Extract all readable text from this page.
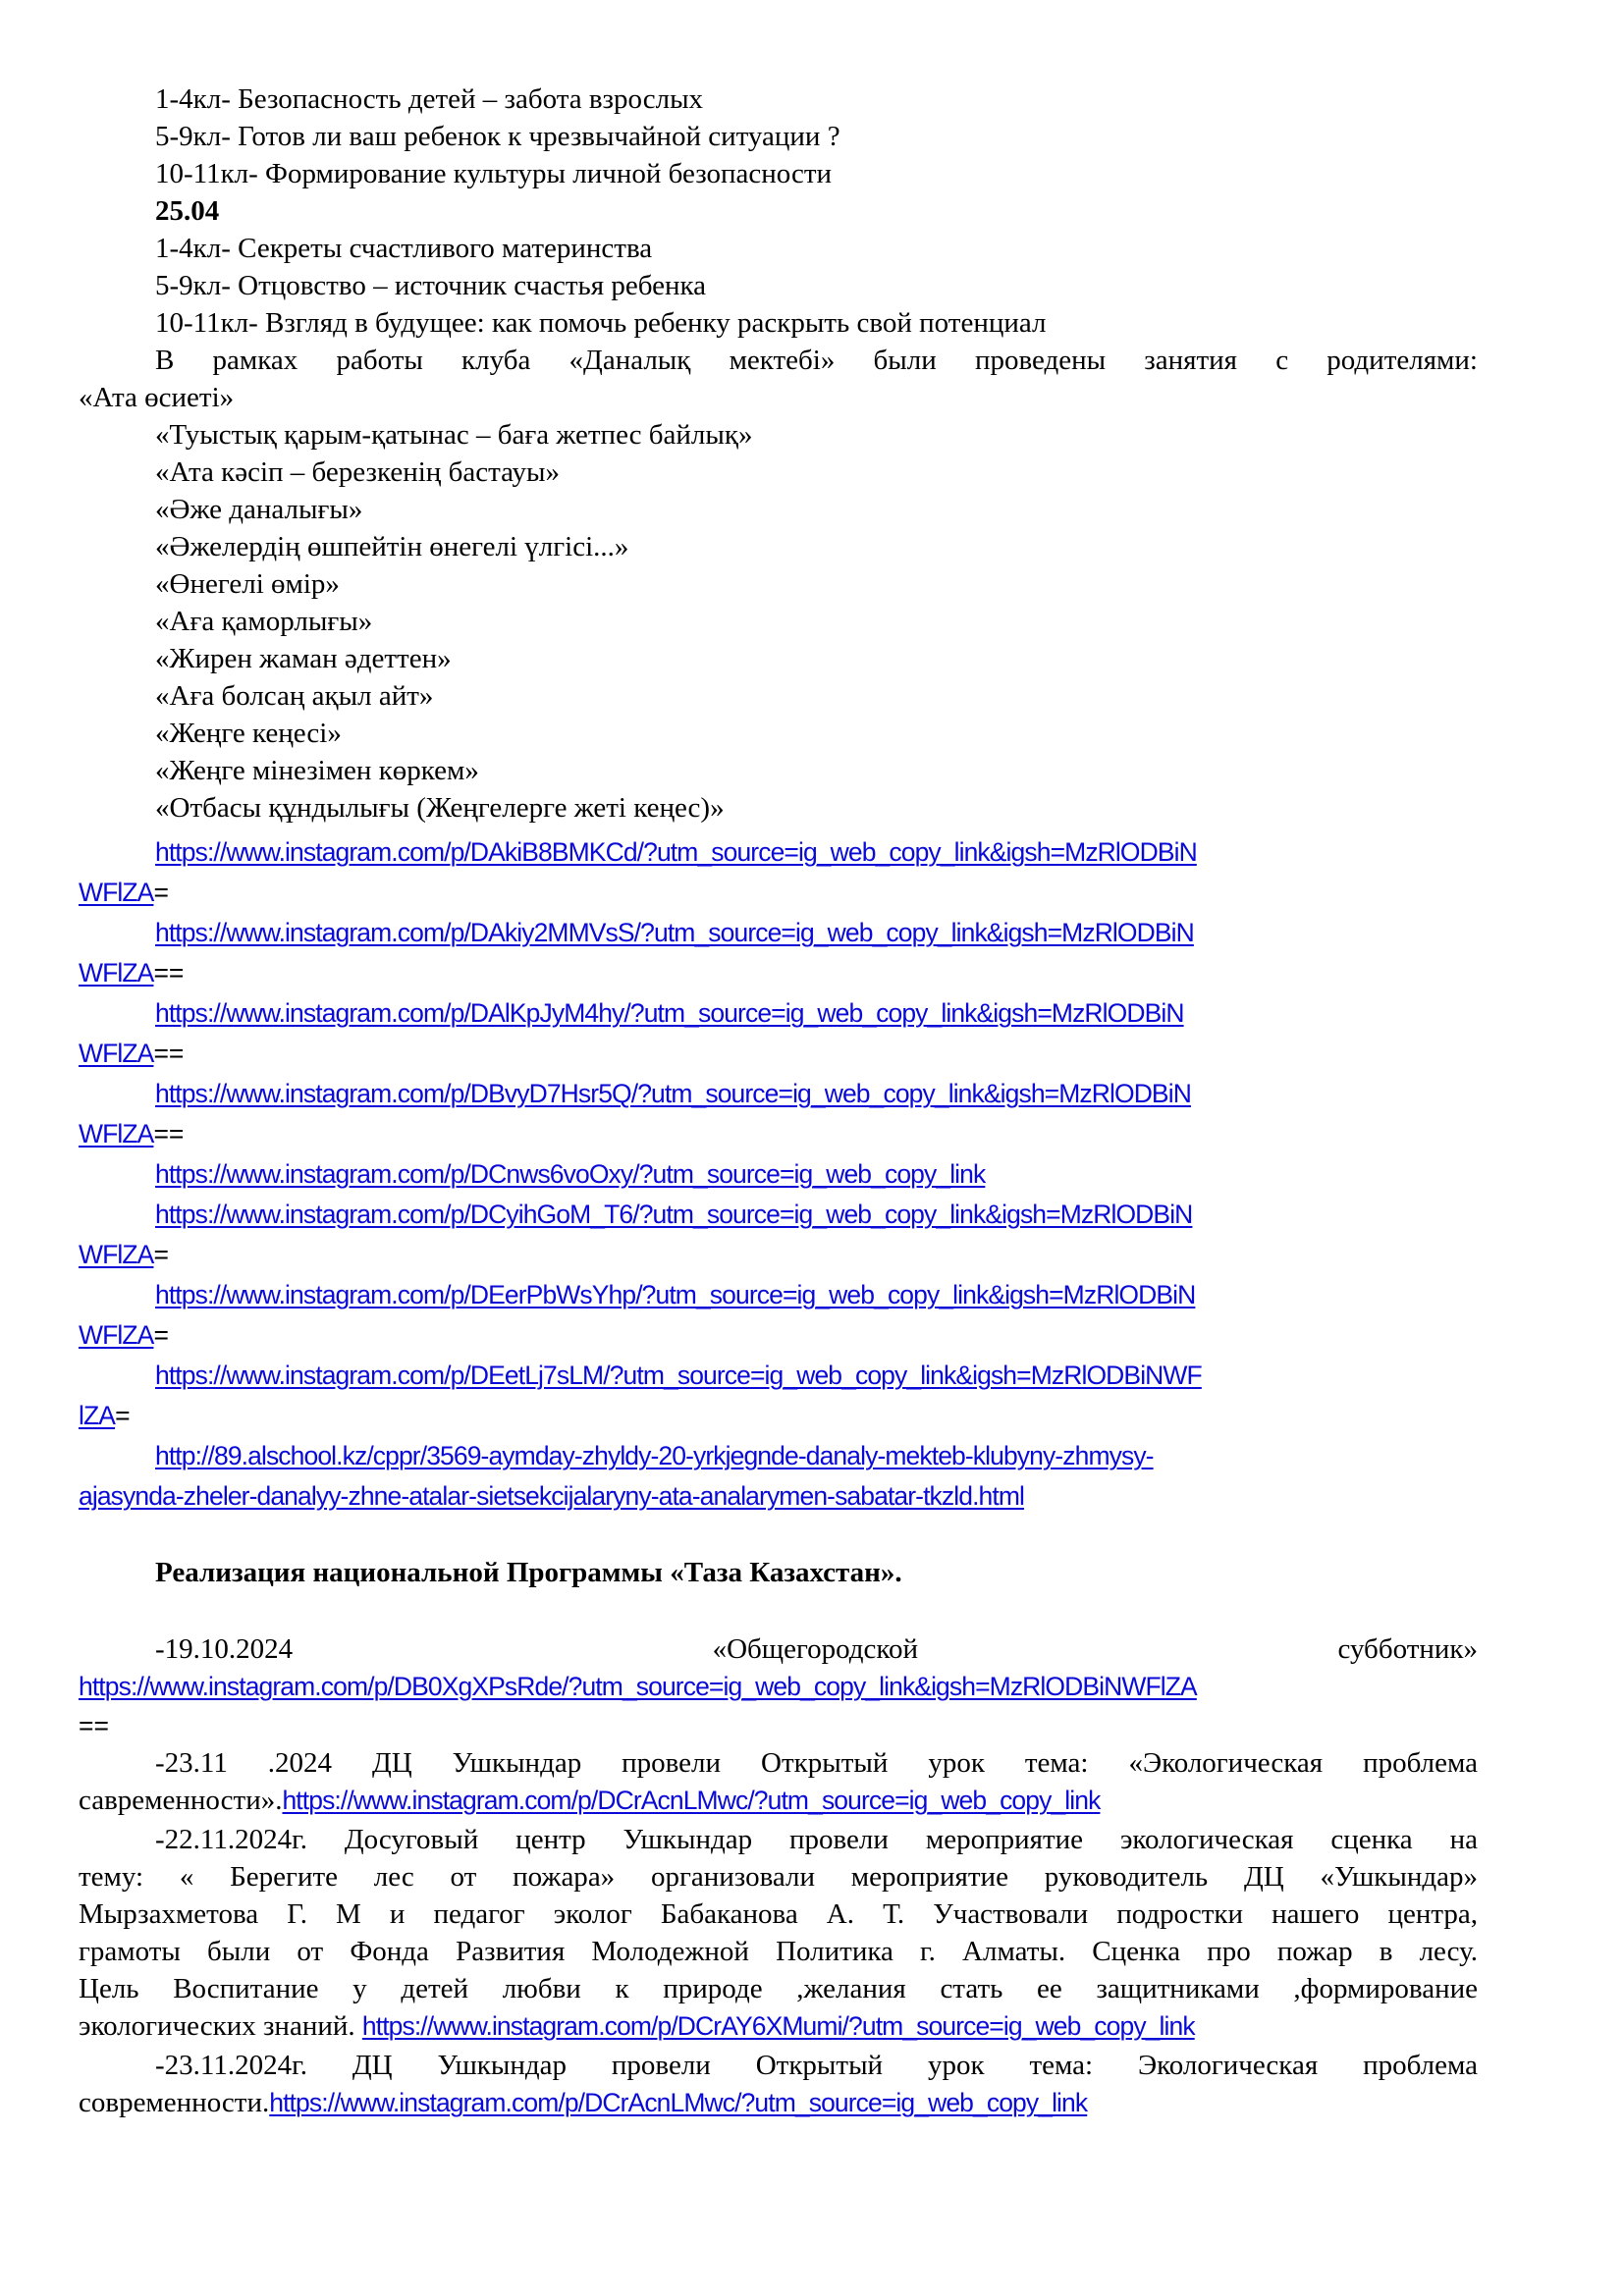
1-4кл- Безопасность детей – забота взрослых
5-9кл- Готов ли ваш ребенок к чрезвычайной ситуации ?
10-11кл- Формирование культуры личной безопасности
25.04
1-4кл- Секреты счастливого материнства
5-9кл- Отцовство – источник счастья ребенка
10-11кл- Взгляд в будущее: как помочь ребенку раскрыть свой потенциал
В рамках работы клуба «Даналық мектебі» были проведены занятия с родителями:
«Ата өсиеті»
«Туыстық қарым-қатынас – баға жетпес байлық»
«Ата кәсіп – березкенің бастауы»
«Әже даналығы»
«Әжелердің өшпейтін өнегелі үлгісі...»
«Өнегелі өмір»
«Аға қаморлығы»
«Жирен жаман әдеттен»
«Аға болсаң ақыл айт»
«Жеңге кеңесі»
«Жеңге мінезімен көркем»
«Отбасы құндылығы (Жеңгелерге жеті кеңес)»
https://www.instagram.com/p/DAkiB8BMKCd/?utm_source=ig_web_copy_link&igsh=MzRlODBiN
WFlZA=
https://www.instagram.com/p/DAkiy2MMVsS/?utm_source=ig_web_copy_link&igsh=MzRlODBiN
WFlZA==
https://www.instagram.com/p/DAlKpJyM4hy/?utm_source=ig_web_copy_link&igsh=MzRlODBiN
WFlZA==
https://www.instagram.com/p/DBvyD7Hsr5Q/?utm_source=ig_web_copy_link&igsh=MzRlODBiN
WFlZA==
https://www.instagram.com/p/DCnws6voOxy/?utm_source=ig_web_copy_link
https://www.instagram.com/p/DCyihGoM_T6/?utm_source=ig_web_copy_link&igsh=MzRlODBiN
WFlZA=
https://www.instagram.com/p/DEerPbWsYhp/?utm_source=ig_web_copy_link&igsh=MzRlODBiN
WFlZA=
https://www.instagram.com/p/DEetLj7sLM/?utm_source=ig_web_copy_link&igsh=MzRlODBiNWF
lZA=
http://89.alschool.kz/cppr/3569-aymday-zhyldy-20-yrkjegnde-danaly-mekteb-klubyny-zhmysy-
ajasynda-zheler-danalyy-zhne-atalar-sietsekcijalaryny-ata-analarymen-sabatar-tkzld.html
Реализация национальной Программы «Таза Казахстан».
-19.10.2024	«Общегородской	субботник»
https://www.instagram.com/p/DB0XgXPsRde/?utm_source=ig_web_copy_link&igsh=MzRlODBiNWFlZA
==
-23.11 .2024 ДЦ Ушкындар провели Открытый урок тема: «Экологическая проблема
савременности».https://www.instagram.com/p/DCrAcnLMwc/?utm_source=ig_web_copy_link
-22.11.2024г. Досуговый центр Ушкындар провели мероприятие экологическая сценка на
тему: « Берегите лес от пожара» организовали мероприятие руководитель ДЦ «Ушкындар»
Мырзахметова Г. М и педагог эколог Бабаканова А. Т. Участвовали подростки нашего центра,
грамоты были от Фонда Развития Молодежной Политика г. Алматы. Сценка про пожар в лесу.
Цель Воспитание у детей любви к природе ,желания стать ее защитниками ,формирование
экологических знаний. https://www.instagram.com/p/DCrAY6XMumi/?utm_source=ig_web_copy_link
-23.11.2024г. ДЦ Ушкындар провели Открытый урок тема: Экологическая проблема
современности.https://www.instagram.com/p/DCrAcnLMwc/?utm_source=ig_web_copy_link
